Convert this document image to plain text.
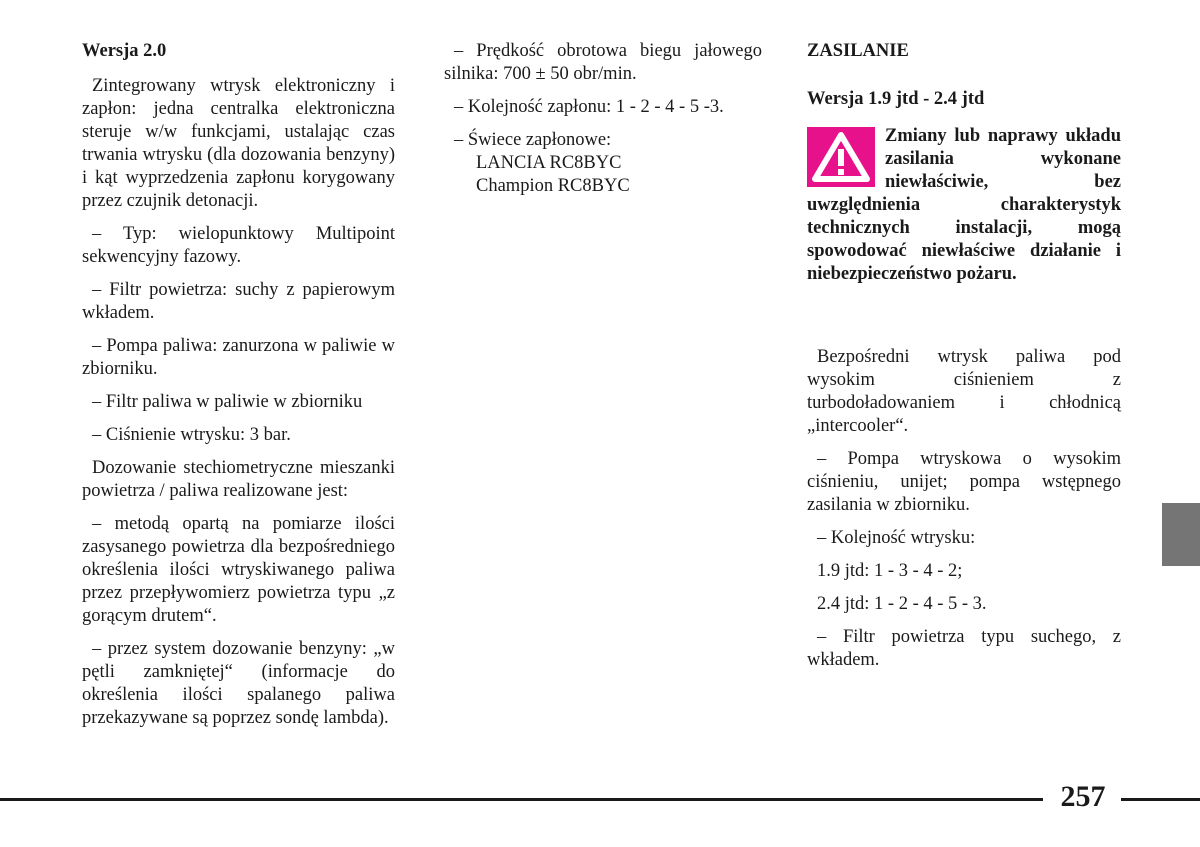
Wersja 2.0

Zintegrowany wtrysk elektroniczny i zapłon: jedna centralka elektroniczna steruje w/w funkcjami, ustalając czas trwania wtrysku (dla dozowania benzyny) i kąt wyprzedzenia zapłonu korygowany przez czujnik detonacji.

– Typ: wielopunktowy Multipoint sekwencyjny fazowy.

– Filtr powietrza: suchy z papierowym wkładem.

– Pompa paliwa: zanurzona w paliwie w zbiorniku.

– Filtr paliwa w paliwie w zbiorniku

– Ciśnienie wtrysku: 3 bar.

Dozowanie stechiometryczne mieszanki powietrza / paliwa realizowane jest:

– metodą opartą na pomiarze ilości zasysanego powietrza dla bezpośredniego określenia ilości wtryskiwanego paliwa przez przepływomierz powietrza typu „z gorącym drutem“.

– przez system dozowanie benzyny: „w pętli zamkniętej“ (informacje do określenia ilości spalanego paliwa przekazywane są poprzez sondę lambda).

– Prędkość obrotowa biegu jałowego silnika: 700 ± 50 obr/min.

– Kolejność zapłonu: 1 - 2 - 4 - 5 -3.

– Świece zapłonowe:
LANCIA RC8BYC
Champion RC8BYC

ZASILANIE

Wersja 1.9 jtd - 2.4 jtd

Zmiany lub naprawy układu zasilania wykonane niewłaściwie, bez uwzględnienia charakterystyk technicznych instalacji, mogą spowodować niewłaściwe działanie i niebezpieczeństwo pożaru.

Bezpośredni wtrysk paliwa pod wysokim ciśnieniem z turbodoładowaniem i chłodnicą „intercooler“.

– Pompa wtryskowa o wysokim ciśnieniu, unijet; pompa wstępnego zasilania w zbiorniku.

– Kolejność wtrysku:

1.9 jtd: 1 - 3 - 4 - 2;

2.4 jtd: 1 - 2 - 4 - 5 - 3.

– Filtr powietrza typu suchego, z wkładem.

257
